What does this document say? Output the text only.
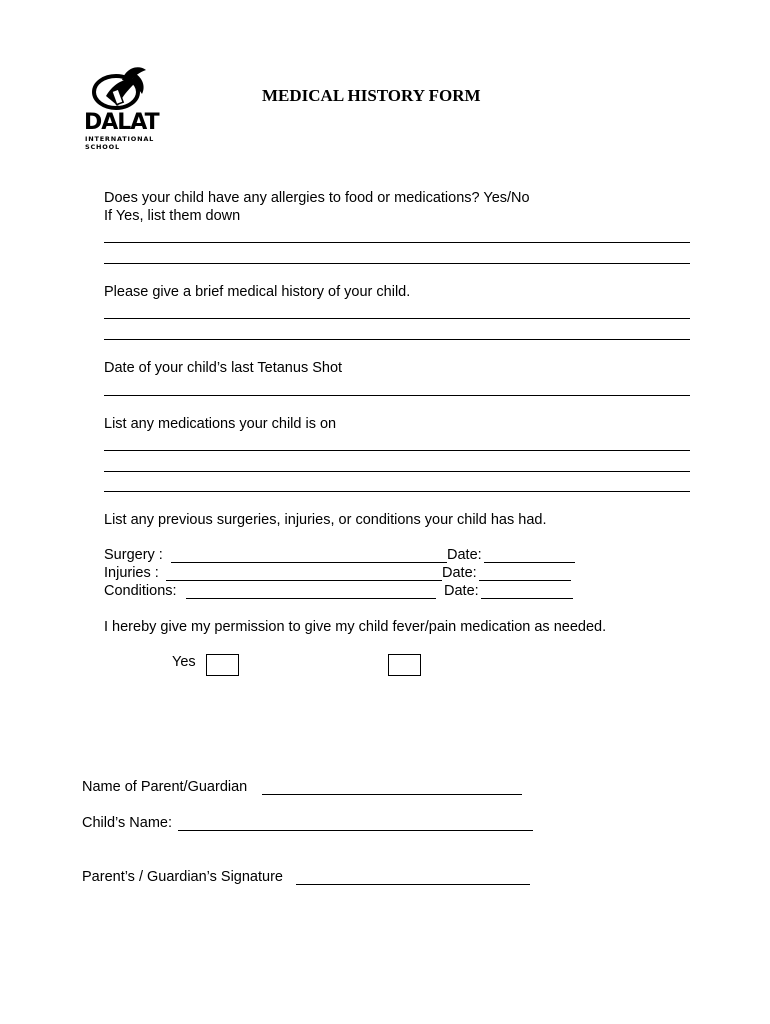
DALAT
INTERNATIONAL SCHOOL
MEDICAL HISTORY FORM
Does your child have any allergies to food or medications? Yes/No
If Yes, list them down
Please give a brief medical history of your child.
Date of your child’s last Tetanus Shot
List any medications your child is on
List any previous surgeries, injuries, or conditions your child has had.
Surgery :	Date:
Injuries :	Date:
Conditions:	Date:
I hereby give my permission to give my child fever/pain medication as needed.
Yes
Name of Parent/Guardian
Child’s Name:
Parent’s / Guardian’s Signature
